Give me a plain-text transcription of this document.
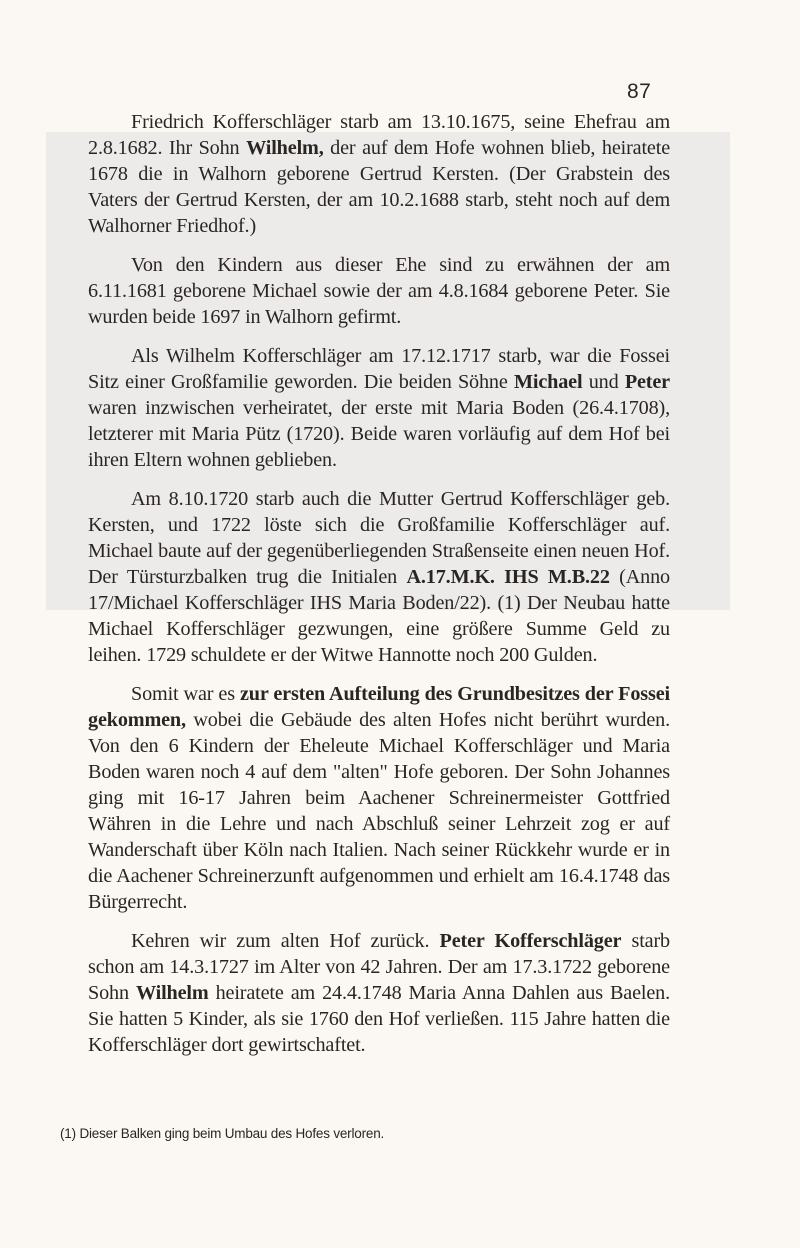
87

Friedrich Kofferschläger starb am 13.10.1675, seine Ehefrau am 2.8.1682. Ihr Sohn Wilhelm, der auf dem Hofe wohnen blieb, heiratete 1678 die in Walhorn geborene Gertrud Kersten. (Der Grabstein des Vaters der Gertrud Kersten, der am 10.2.1688 starb, steht noch auf dem Walhorner Friedhof.)

Von den Kindern aus dieser Ehe sind zu erwähnen der am 6.11.1681 geborene Michael sowie der am 4.8.1684 geborene Peter. Sie wurden beide 1697 in Walhorn gefirmt.

Als Wilhelm Kofferschläger am 17.12.1717 starb, war die Fossei Sitz einer Großfamilie geworden. Die beiden Söhne Michael und Peter waren inzwischen verheiratet, der erste mit Maria Boden (26.4.1708), letzterer mit Maria Pütz (1720). Beide waren vorläufig auf dem Hof bei ihren Eltern wohnen geblieben.

Am 8.10.1720 starb auch die Mutter Gertrud Kofferschläger geb. Kersten, und 1722 löste sich die Großfamilie Kofferschläger auf. Michael baute auf der gegenüberliegenden Straßenseite einen neuen Hof. Der Türsturzbalken trug die Initialen A.17.M.K. IHS M.B.22 (Anno 17/Michael Kofferschläger IHS Maria Boden/22). (1) Der Neubau hatte Michael Kofferschläger gezwungen, eine größere Summe Geld zu leihen. 1729 schuldete er der Witwe Hannotte noch 200 Gulden.

Somit war es zur ersten Aufteilung des Grundbesitzes der Fossei gekommen, wobei die Gebäude des alten Hofes nicht berührt wurden. Von den 6 Kindern der Eheleute Michael Kofferschläger und Maria Boden waren noch 4 auf dem "alten" Hofe geboren. Der Sohn Johannes ging mit 16-17 Jahren beim Aachener Schreinermeister Gottfried Währen in die Lehre und nach Abschluß seiner Lehrzeit zog er auf Wanderschaft über Köln nach Italien. Nach seiner Rückkehr wurde er in die Aachener Schreinerzunft aufgenommen und erhielt am 16.4.1748 das Bürgerrecht.

Kehren wir zum alten Hof zurück. Peter Kofferschläger starb schon am 14.3.1727 im Alter von 42 Jahren. Der am 17.3.1722 geborene Sohn Wilhelm heiratete am 24.4.1748 Maria Anna Dahlen aus Baelen. Sie hatten 5 Kinder, als sie 1760 den Hof verließen. 115 Jahre hatten die Kofferschläger dort gewirtschaftet.

(1) Dieser Balken ging beim Umbau des Hofes verloren.
